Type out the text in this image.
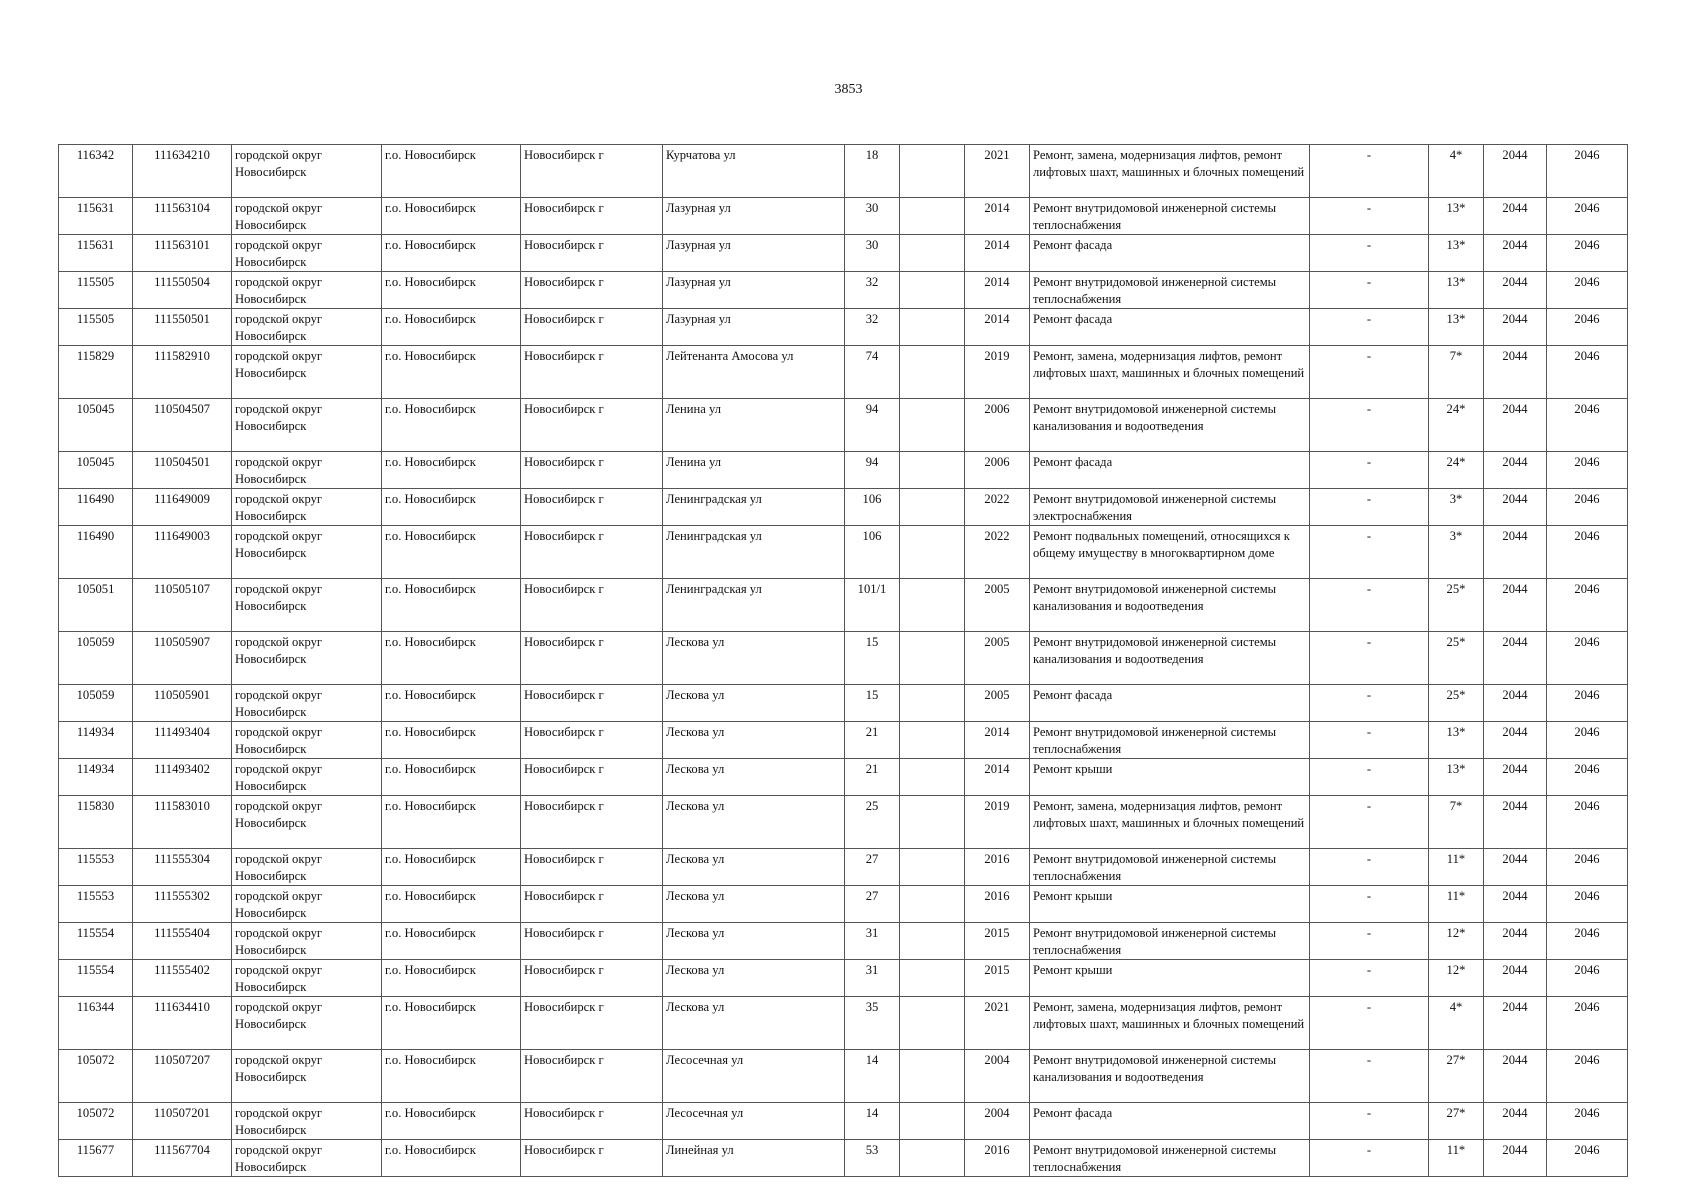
3853
116342	111634210	городской округ Новосибирск	г.о. Новосибирск	Новосибирск г	Курчатова ул	18		2021	Ремонт, замена, модернизация лифтов, ремонт лифтовых шахт, машинных и блочных помещений	-	4*	2044	2046
115631	111563104	городской округ Новосибирск	г.о. Новосибирск	Новосибирск г	Лазурная ул	30		2014	Ремонт внутридомовой инженерной системы теплоснабжения	-	13*	2044	2046
115631	111563101	городской округ Новосибирск	г.о. Новосибирск	Новосибирск г	Лазурная ул	30		2014	Ремонт фасада	-	13*	2044	2046
115505	111550504	городской округ Новосибирск	г.о. Новосибирск	Новосибирск г	Лазурная ул	32		2014	Ремонт внутридомовой инженерной системы теплоснабжения	-	13*	2044	2046
115505	111550501	городской округ Новосибирск	г.о. Новосибирск	Новосибирск г	Лазурная ул	32		2014	Ремонт фасада	-	13*	2044	2046
115829	111582910	городской округ Новосибирск	г.о. Новосибирск	Новосибирск г	Лейтенанта Амосова ул	74		2019	Ремонт, замена, модернизация лифтов, ремонт лифтовых шахт, машинных и блочных помещений	-	7*	2044	2046
105045	110504507	городской округ Новосибирск	г.о. Новосибирск	Новосибирск г	Ленина ул	94		2006	Ремонт внутридомовой инженерной системы канализования и водоотведения	-	24*	2044	2046
105045	110504501	городской округ Новосибирск	г.о. Новосибирск	Новосибирск г	Ленина ул	94		2006	Ремонт фасада	-	24*	2044	2046
116490	111649009	городской округ Новосибирск	г.о. Новосибирск	Новосибирск г	Ленинградская ул	106		2022	Ремонт внутридомовой инженерной системы электроснабжения	-	3*	2044	2046
116490	111649003	городской округ Новосибирск	г.о. Новосибирск	Новосибирск г	Ленинградская ул	106		2022	Ремонт подвальных помещений, относящихся к общему имуществу в многоквартирном доме	-	3*	2044	2046
105051	110505107	городской округ Новосибирск	г.о. Новосибирск	Новосибирск г	Ленинградская ул	101/1		2005	Ремонт внутридомовой инженерной системы канализования и водоотведения	-	25*	2044	2046
105059	110505907	городской округ Новосибирск	г.о. Новосибирск	Новосибирск г	Лескова ул	15		2005	Ремонт внутридомовой инженерной системы канализования и водоотведения	-	25*	2044	2046
105059	110505901	городской округ Новосибирск	г.о. Новосибирск	Новосибирск г	Лескова ул	15		2005	Ремонт фасада	-	25*	2044	2046
114934	111493404	городской округ Новосибирск	г.о. Новосибирск	Новосибирск г	Лескова ул	21		2014	Ремонт внутридомовой инженерной системы теплоснабжения	-	13*	2044	2046
114934	111493402	городской округ Новосибирск	г.о. Новосибирск	Новосибирск г	Лескова ул	21		2014	Ремонт крыши	-	13*	2044	2046
115830	111583010	городской округ Новосибирск	г.о. Новосибирск	Новосибирск г	Лескова ул	25		2019	Ремонт, замена, модернизация лифтов, ремонт лифтовых шахт, машинных и блочных помещений	-	7*	2044	2046
115553	111555304	городской округ Новосибирск	г.о. Новосибирск	Новосибирск г	Лескова ул	27		2016	Ремонт внутридомовой инженерной системы теплоснабжения	-	11*	2044	2046
115553	111555302	городской округ Новосибирск	г.о. Новосибирск	Новосибирск г	Лескова ул	27		2016	Ремонт крыши	-	11*	2044	2046
115554	111555404	городской округ Новосибирск	г.о. Новосибирск	Новосибирск г	Лескова ул	31		2015	Ремонт внутридомовой инженерной системы теплоснабжения	-	12*	2044	2046
115554	111555402	городской округ Новосибирск	г.о. Новосибирск	Новосибирск г	Лескова ул	31		2015	Ремонт крыши	-	12*	2044	2046
116344	111634410	городской округ Новосибирск	г.о. Новосибирск	Новосибирск г	Лескова ул	35		2021	Ремонт, замена, модернизация лифтов, ремонт лифтовых шахт, машинных и блочных помещений	-	4*	2044	2046
105072	110507207	городской округ Новосибирск	г.о. Новосибирск	Новосибирск г	Лесосечная ул	14		2004	Ремонт внутридомовой инженерной системы канализования и водоотведения	-	27*	2044	2046
105072	110507201	городской округ Новосибирск	г.о. Новосибирск	Новосибирск г	Лесосечная ул	14		2004	Ремонт фасада	-	27*	2044	2046
115677	111567704	городской округ Новосибирск	г.о. Новосибирск	Новосибирск г	Линейная ул	53		2016	Ремонт внутридомовой инженерной системы теплоснабжения	-	11*	2044	2046
